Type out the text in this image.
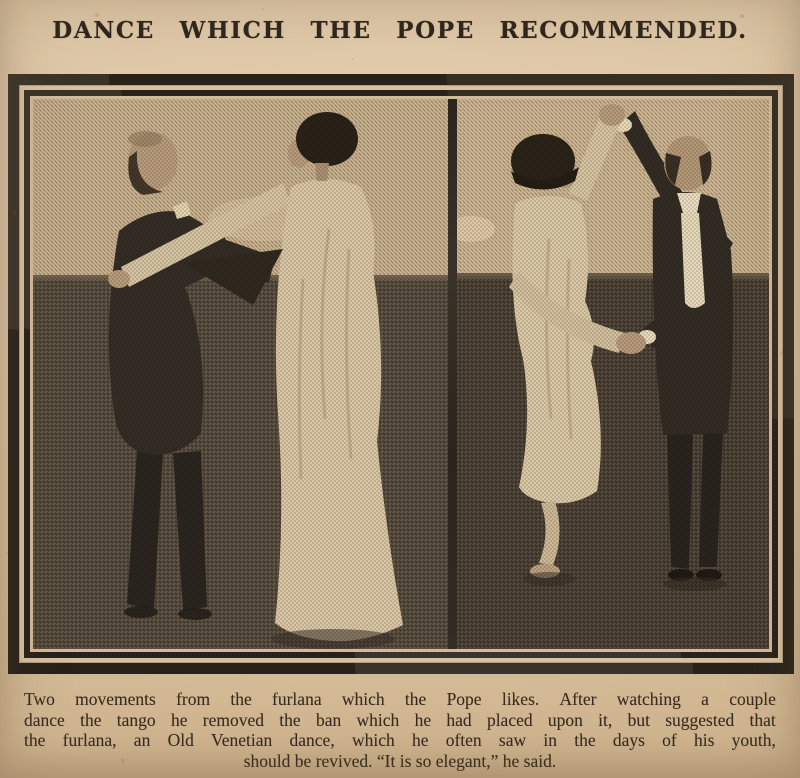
DANCE WHICH THE POPE RECOMMENDED.
Two movements from the furlana which the Pope likes. After watching a couple
dance the tango he removed the ban which he had placed upon it, but suggested that
the furlana, an Old Venetian dance, which he often saw in the days of his youth,
should be revived. “It is so elegant,” he said.
